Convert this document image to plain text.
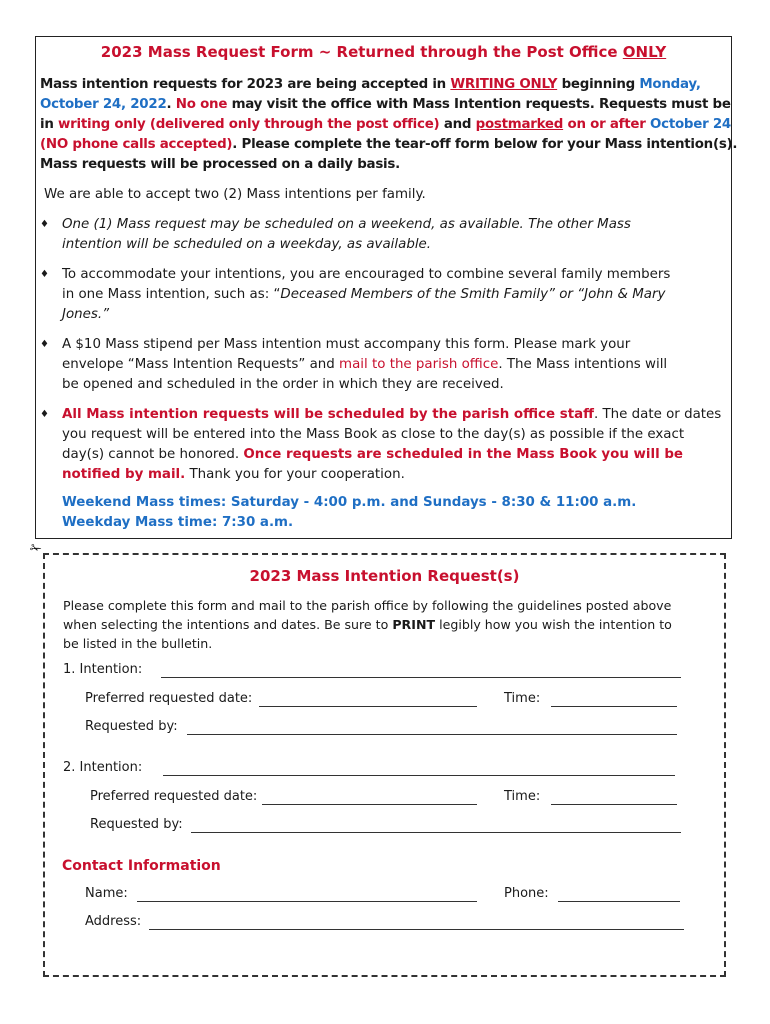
2023 Mass Request Form ~ Returned through the Post Office ONLY
Mass intention requests for 2023 are being accepted in WRITING ONLY beginning Monday,
October 24, 2022. No one may visit the office with Mass Intention requests. Requests must be
in writing only (delivered only through the post office) and postmarked on or after October 24
(NO phone calls accepted). Please complete the tear-off form below for your Mass intention(s).
Mass requests will be processed on a daily basis.
We are able to accept two (2) Mass intentions per family.
♦ One (1) Mass request may be scheduled on a weekend, as available. The other Mass
intention will be scheduled on a weekday, as available.
♦ To accommodate your intentions, you are encouraged to combine several family members
in one Mass intention, such as: “Deceased Members of the Smith Family” or “John & Mary
Jones.”
♦ A $10 Mass stipend per Mass intention must accompany this form. Please mark your
envelope “Mass Intention Requests” and mail to the parish office. The Mass intentions will
be opened and scheduled in the order in which they are received.
♦ All Mass intention requests will be scheduled by the parish office staff. The date or dates
you request will be entered into the Mass Book as close to the day(s) as possible if the exact
day(s) cannot be honored. Once requests are scheduled in the Mass Book you will be
notified by mail. Thank you for your cooperation.
Weekend Mass times: Saturday - 4:00 p.m. and Sundays - 8:30 & 11:00 a.m.
Weekday Mass time: 7:30 a.m.
✁
2023 Mass Intention Request(s)
Please complete this form and mail to the parish office by following the guidelines posted above
when selecting the intentions and dates. Be sure to PRINT legibly how you wish the intention to
be listed in the bulletin.
1. Intention:
Preferred requested date:	Time:
Requested by:
2. Intention:
Preferred requested date:	Time:
Requested by:
Contact Information
Name:	Phone:
Address:
